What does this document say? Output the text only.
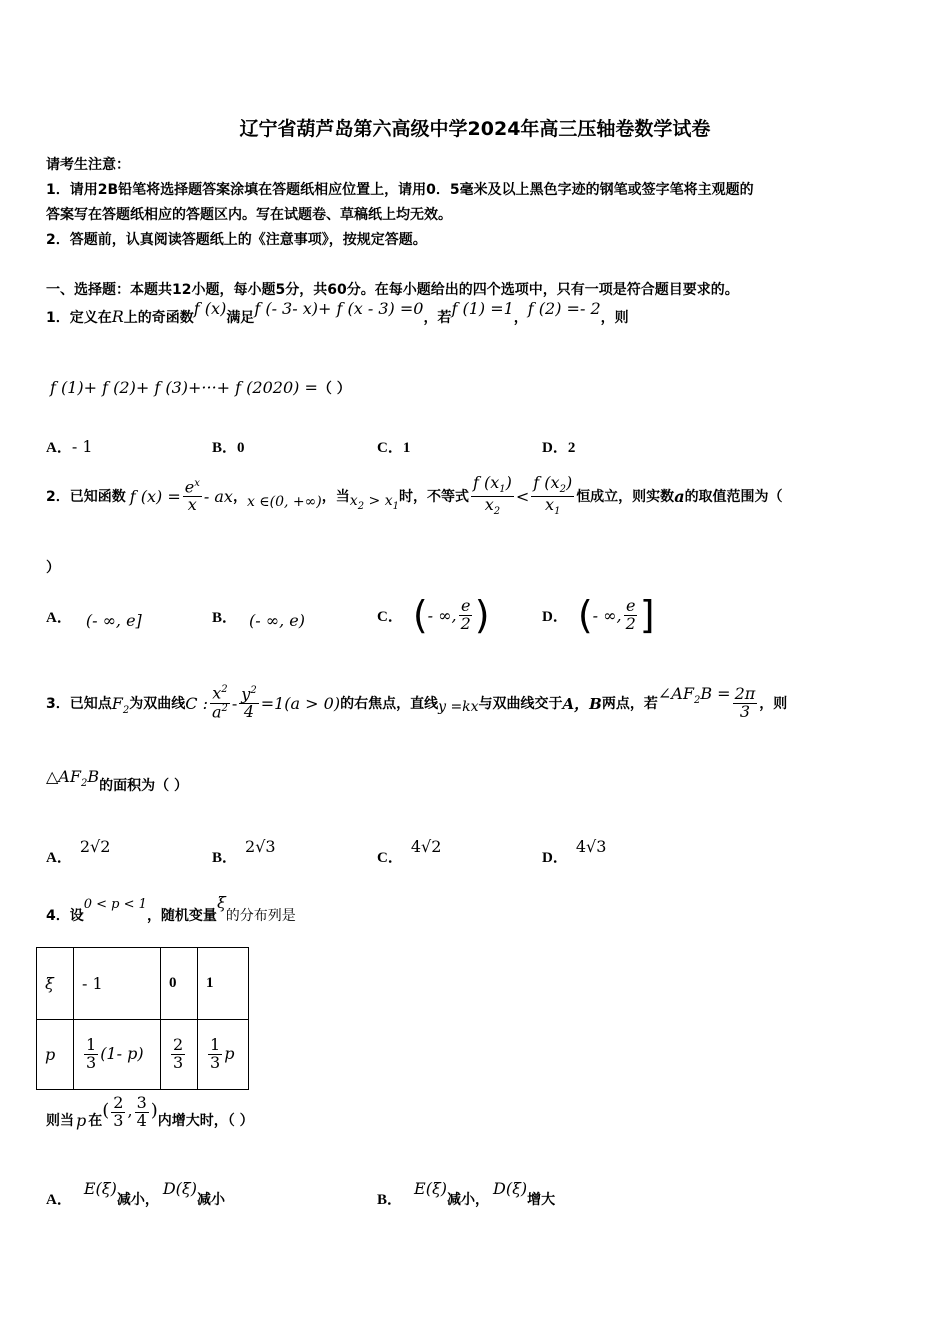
辽宁省葫芦岛第六高级中学2024年高三压轴卷数学试卷
请考生注意：
1．请用2B铅笔将选择题答案涂填在答题纸相应位置上，请用0．5毫米及以上黑色字迹的钢笔或签字笔将主观题的
答案写在答题纸相应的答题区内。写在试题卷、草稿纸上均无效。
2．答题前，认真阅读答题纸上的《注意事项》，按规定答题。
一、选择题：本题共12小题，每小题5分，共60分。在每小题给出的四个选项中，只有一项是符合题目要求的。
1．定义在R上的奇函数f (x)满足f (- 3- x)+ f (x - 3) =0，若f (1) =1，f (2) =- 2，则
f (1)+ f (2)+ f (3)+···+ f (2020) =（ ）
A．- 1	B．0	C．1	D．2
2．已知函数 f $(x) = \frac{e^x}{x}$ - ax ， x ∈(0, +∞) ，当 $x_2 > x_1$
时，不等式 $\frac{f (x_1)}{x_2} < \frac{f (x_2)}{x_1}$ 恒成立，则实数 a 的取值范围为（
）
A． (- ∞, e]	B． (- ∞, e)	C． ( - ∞, $\frac{e}{2}$ )	D． ( - ∞, $\frac{e}{2}$ ]
3．已知点 $F_2$ 为双曲线 C : $\frac{x^2}{a^2} - \frac{y^2}{4} =1(a > 0)$ 的右焦点，直线 y =kx 与双曲线交于 A，B 两点，若
$\angle AF_2B = \frac{2\pi}{3}$ ，则
$\triangle AF_2B$的面积为（ ）
A．2√2
B．2√3
C．4√2
D．4√3
4．设0 < p < 1，随机变量ξ的分布列是
ξ	- 1	0	1
p	$\frac{1}{3} (1-$ p)	$\frac{2}{3}$	$\frac{1}{3}$ p
则当 p 在
( $\frac{2}{3}$ , $\frac{3}{4}$ )
内增大时，（ ）
A．E(ξ)减小，D(ξ)减小	B．E(ξ)减小，D(ξ)增大
